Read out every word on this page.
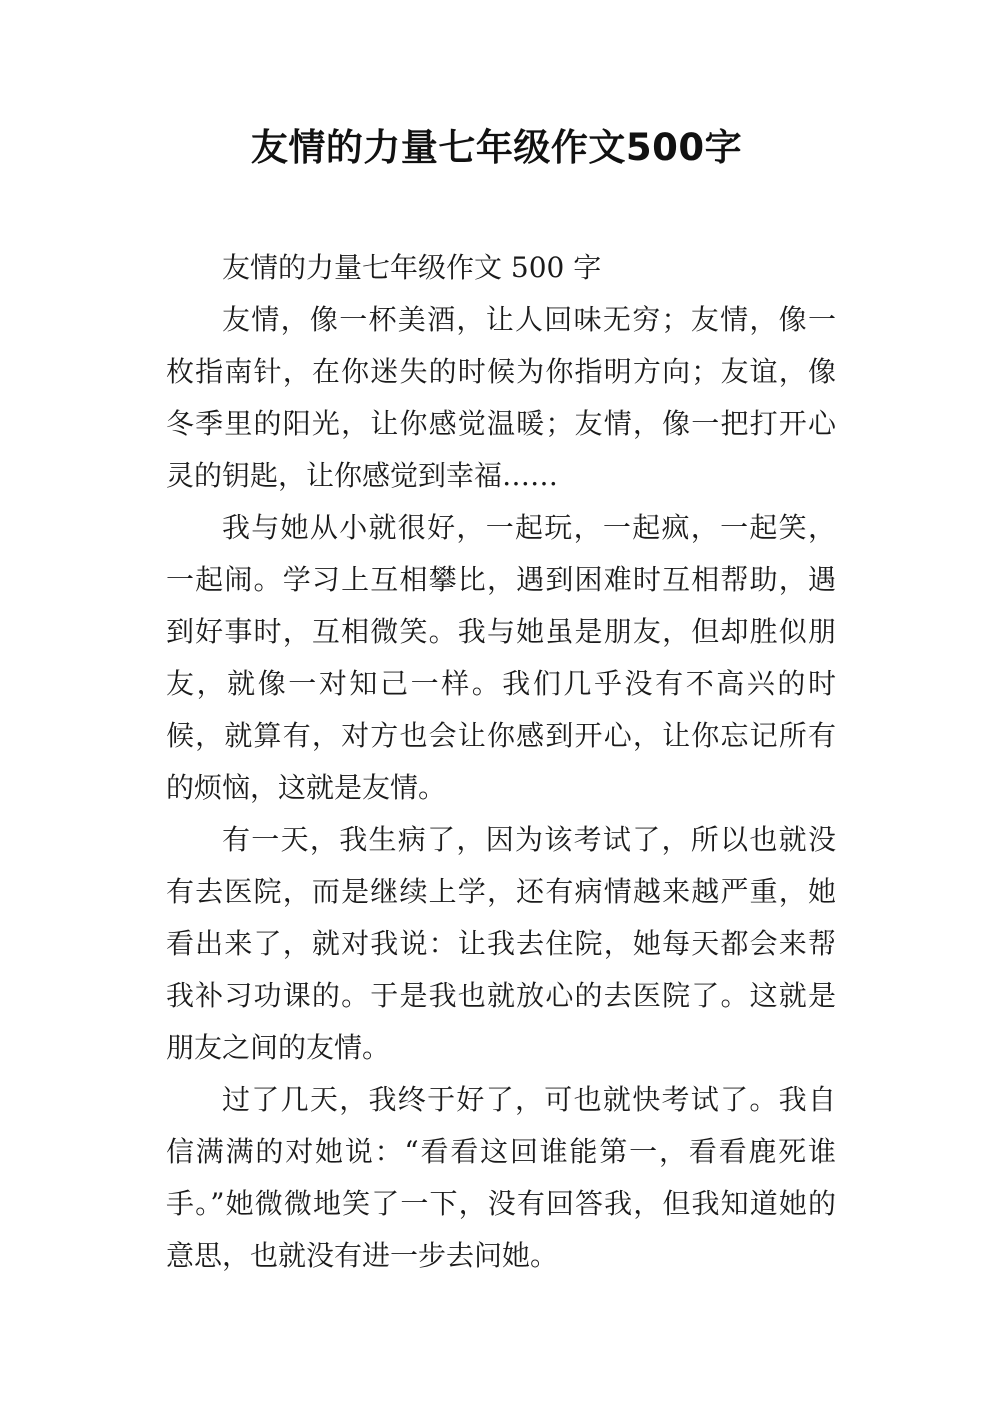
友情的力量七年级作文500字

友情的力量七年级作文 500 字

友情，像一杯美酒，让人回味无穷；友情，像一枚指南针，在你迷失的时候为你指明方向；友谊，像冬季里的阳光，让你感觉温暖；友情，像一把打开心灵的钥匙，让你感觉到幸福……

我与她从小就很好，一起玩，一起疯，一起笑，一起闹。学习上互相攀比，遇到困难时互相帮助，遇到好事时，互相微笑。我与她虽是朋友，但却胜似朋友，就像一对知己一样。我们几乎没有不高兴的时候，就算有，对方也会让你感到开心，让你忘记所有的烦恼，这就是友情。

有一天，我生病了，因为该考试了，所以也就没有去医院，而是继续上学，还有病情越来越严重，她看出来了，就对我说：让我去住院，她每天都会来帮我补习功课的。于是我也就放心的去医院了。这就是朋友之间的友情。

过了几天，我终于好了，可也就快考试了。我自信满满的对她说：“看看这回谁能第一，看看鹿死谁手。”她微微地笑了一下，没有回答我，但我知道她的意思，也就没有进一步去问她。
